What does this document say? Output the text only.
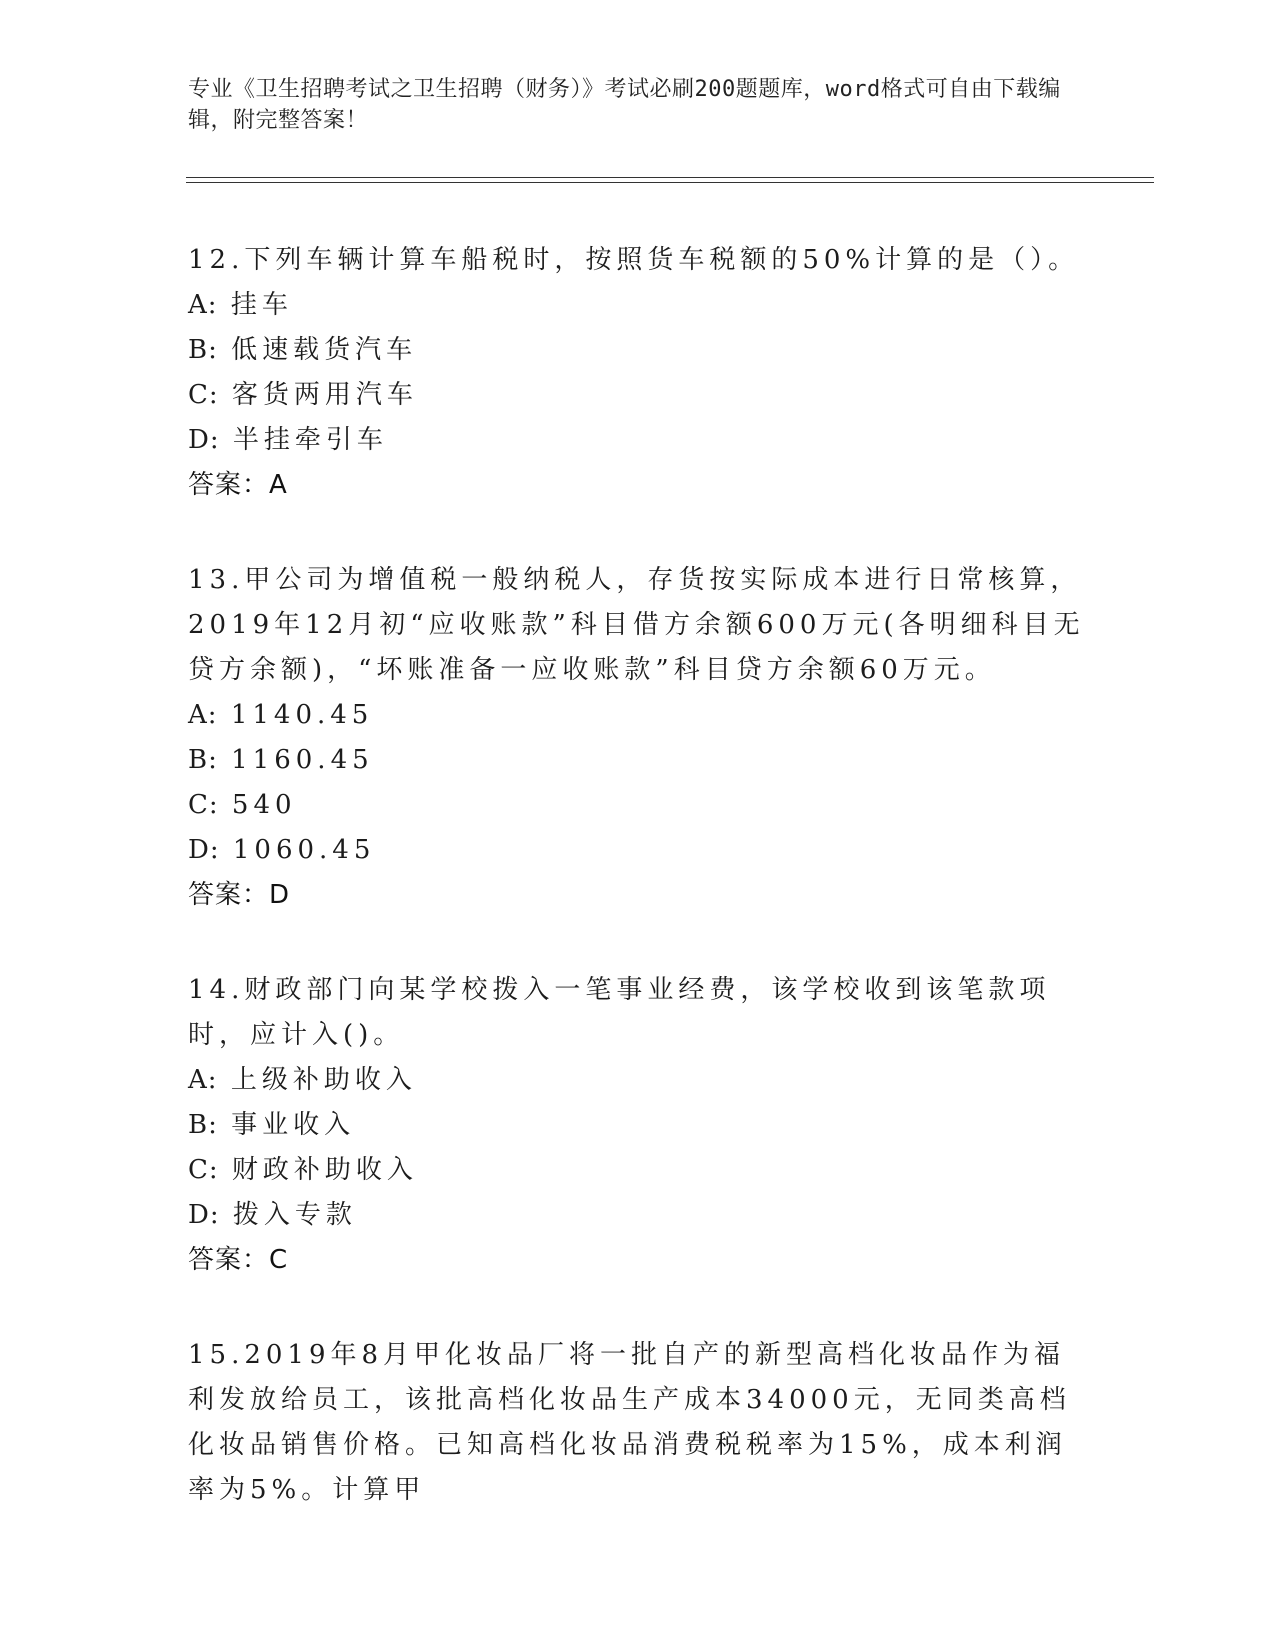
专业《卫生招聘考试之卫生招聘（财务）》考试必刷200题题库，word格式可自由下载编辑，附完整答案！

12.下列车辆计算车船税时，按照货车税额的50%计算的是（）。

A: 挂车

B: 低速载货汽车

C: 客货两用汽车

D: 半挂牵引车

答案：A

13.甲公司为增值税一般纳税人，存货按实际成本进行日常核算，2019年12月初“应收账款”科目借方余额600万元(各明细科目无贷方余额)，“坏账准备一应收账款”科目贷方余额60万元。

A: 1140.45

B: 1160.45

C: 540

D: 1060.45

答案：D

14.财政部门向某学校拨入一笔事业经费，该学校收到该笔款项时，应计入()。

A: 上级补助收入

B: 事业收入

C: 财政补助收入

D: 拨入专款

答案：C

15.2019年8月甲化妆品厂将一批自产的新型高档化妆品作为福利发放给员工，该批高档化妆品生产成本34000元，无同类高档化妆品销售价格。已知高档化妆品消费税税率为15%，成本利润率为5%。计算甲
